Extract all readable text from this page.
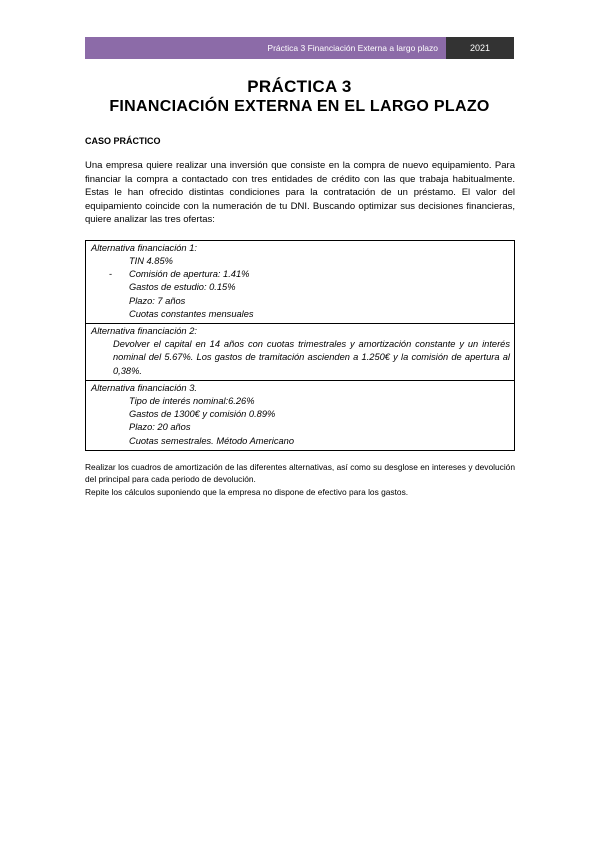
Práctica 3 Financiación Externa a largo plazo	2021
PRÁCTICA 3
FINANCIACIÓN EXTERNA EN EL LARGO PLAZO
CASO PRÁCTICO

Una empresa quiere realizar una inversión que consiste en la compra de nuevo equipamiento. Para financiar la compra a contactado con tres entidades de crédito con las que trabaja habitualmente. Estas le han ofrecido distintas condiciones para la contratación de un préstamo. El valor del equipamiento coincide con la numeración de tu DNI. Buscando optimizar sus decisiones financieras, quiere analizar las tres ofertas:

Alternativa financiación 1:
TIN 4.85%
- Comisión de apertura: 1.41%
Gastos de estudio: 0.15%
Plazo: 7 años
Cuotas constantes mensuales
Alternativa financiación 2:
Devolver el capital en 14 años con cuotas trimestrales y amortización constante y un interés nominal del 5.67%. Los gastos de tramitación ascienden a 1.250€ y la comisión de apertura al 0,38%.
Alternativa financiación 3.
Tipo de interés nominal:6.26%
Gastos de 1300€ y comisión 0.89%
Plazo: 20 años
Cuotas semestrales. Método Americano

Realizar los cuadros de amortización de las diferentes alternativas, así como su desglose en intereses y devolución del principal para cada periodo de devolución.

Repite los cálculos suponiendo que la empresa no dispone de efectivo para los gastos.
